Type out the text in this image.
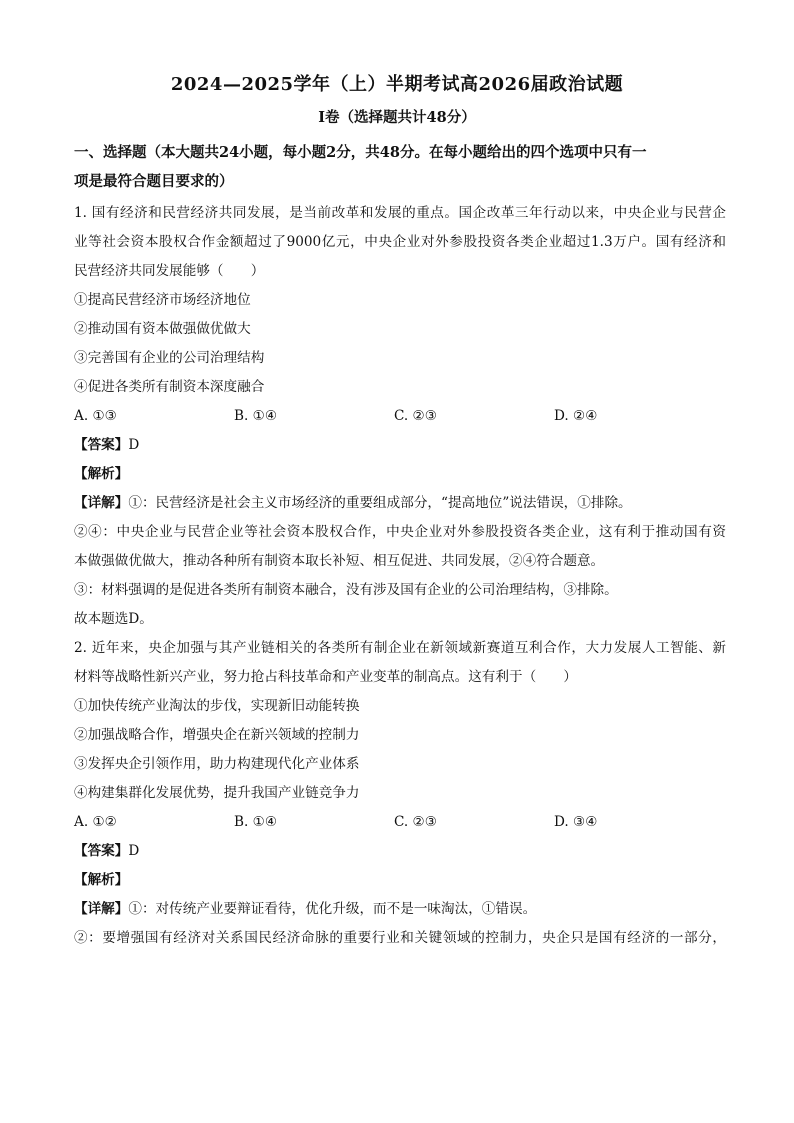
2024—2025学年（上）半期考试高2026届政治试题
Ⅰ卷（选择题共计48分）
一、选择题（本大题共24小题，每小题2分，共48分。在每小题给出的四个选项中只有一
项是最符合题目要求的）
1. 国有经济和民营经济共同发展，是当前改革和发展的重点。国企改革三年行动以来，中央企业与民营企
业等社会资本股权合作金额超过了9000亿元，中央企业对外参股投资各类企业超过1.3万户。国有经济和
民营经济共同发展能够（　　）
①提高民营经济市场经济地位
②推动国有资本做强做优做大
③完善国有企业的公司治理结构
④促进各类所有制资本深度融合
A. ①③	B. ①④	C. ②③	D. ②④
【答案】D
【解析】
【详解】①：民营经济是社会主义市场经济的重要组成部分，“提高地位”说法错误，①排除。
②④：中央企业与民营企业等社会资本股权合作，中央企业对外参股投资各类企业，这有利于推动国有资
本做强做优做大，推动各种所有制资本取长补短、相互促进、共同发展，②④符合题意。
③：材料强调的是促进各类所有制资本融合，没有涉及国有企业的公司治理结构，③排除。
故本题选D。
2. 近年来，央企加强与其产业链相关的各类所有制企业在新领域新赛道互利合作，大力发展人工智能、新
材料等战略性新兴产业，努力抢占科技革命和产业变革的制高点。这有利于（　　）
①加快传统产业淘汰的步伐，实现新旧动能转换
②加强战略合作，增强央企在新兴领域的控制力
③发挥央企引领作用，助力构建现代化产业体系
④构建集群化发展优势，提升我国产业链竞争力
A. ①②	B. ①④	C. ②③	D. ③④
【答案】D
【解析】
【详解】①：对传统产业要辩证看待，优化升级，而不是一味淘汰，①错误。
②：要增强国有经济对关系国民经济命脉的重要行业和关键领域的控制力，央企只是国有经济的一部分，
